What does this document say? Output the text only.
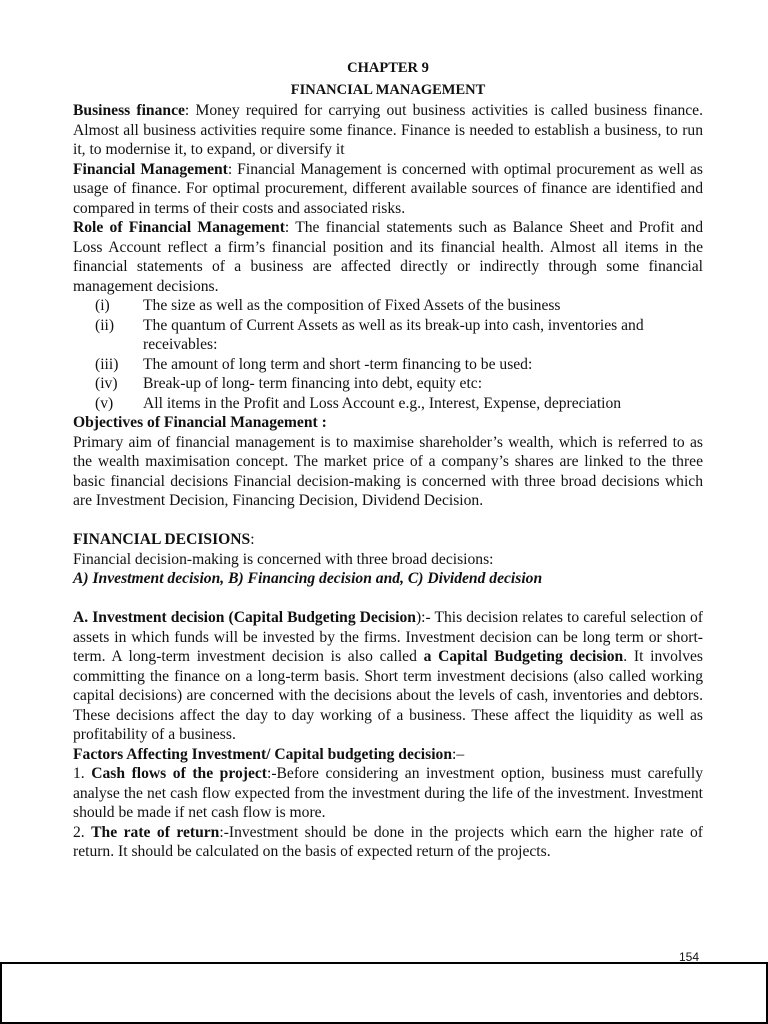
CHAPTER 9
FINANCIAL MANAGEMENT

Business finance: Money required for carrying out business activities is called business finance. Almost all business activities require some finance. Finance is needed to establish a business, to run it, to modernise it, to expand, or diversify it

Financial Management: Financial Management is concerned with optimal procurement as well as usage of finance. For optimal procurement, different available sources of finance are identified and compared in terms of their costs and associated risks.

Role of Financial Management: The financial statements such as Balance Sheet and Profit and Loss Account reflect a firm’s financial position and its financial health. Almost all items in the financial statements of a business are affected directly or indirectly through some financial management decisions.

(i)	The size as well as the composition of Fixed Assets of the business
(ii)	The quantum of Current Assets as well as its break-up into cash, inventories and receivables:
(iii)	The amount of long term and short -term financing to be used:
(iv)	Break-up of long- term financing into debt, equity etc:
(v)	All items in the Profit and Loss Account e.g., Interest, Expense, depreciation
Objectives of Financial Management :

Primary aim of financial management is to maximise shareholder’s wealth, which is referred to as the wealth maximisation concept. The market price of a company’s shares are linked to the three basic financial decisions Financial decision-making is concerned with three broad decisions which are Investment Decision, Financing Decision, Dividend Decision.

FINANCIAL DECISIONS:
Financial decision-making is concerned with three broad decisions:
A) Investment decision, B) Financing decision and, C) Dividend decision

A. Investment decision (Capital Budgeting Decision):- This decision relates to careful selection of assets in which funds will be invested by the firms. Investment decision can be long term or short-term. A long-term investment decision is also called a Capital Budgeting decision. It involves committing the finance on a long-term basis. Short term investment decisions (also called working capital decisions) are concerned with the decisions about the levels of cash, inventories and debtors. These decisions affect the day to day working of a business. These affect the liquidity as well as profitability of a business.

Factors Affecting Investment/ Capital budgeting decision:–

1. Cash flows of the project:-Before considering an investment option, business must carefully analyse the net cash flow expected from the investment during the life of the investment. Investment should be made if net cash flow is more.

2. The rate of return:-Investment should be done in the projects which earn the higher rate of return. It should be calculated on the basis of expected return of the projects.

154
